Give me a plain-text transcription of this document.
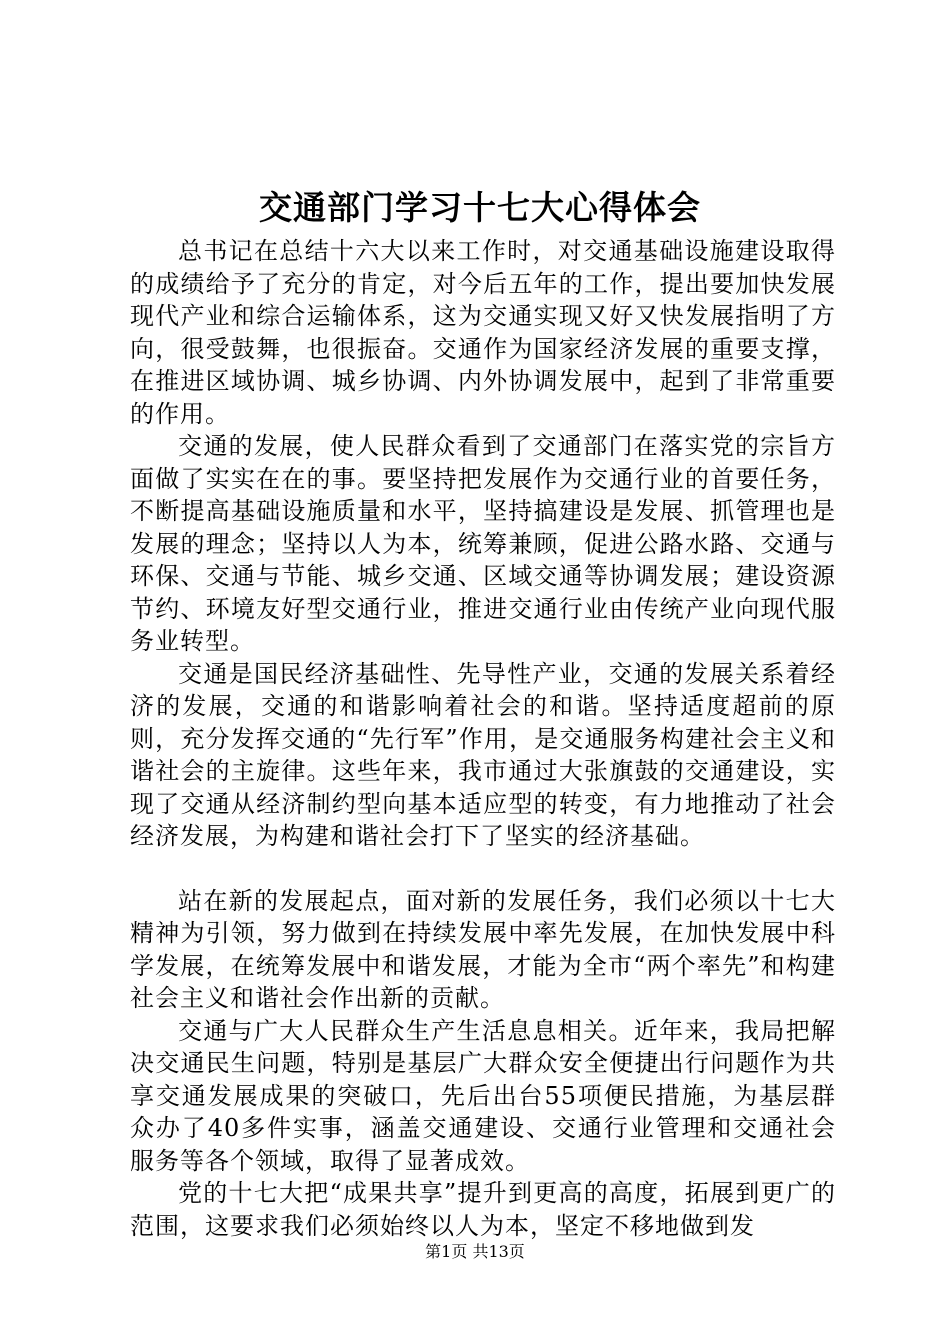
交通部门学习十七大心得体会

总书记在总结十六大以来工作时，对交通基础设施建设取得的成绩给予了充分的肯定，对今后五年的工作，提出要加快发展现代产业和综合运输体系，这为交通实现又好又快发展指明了方向，很受鼓舞，也很振奋。交通作为国家经济发展的重要支撑，在推进区域协调、城乡协调、内外协调发展中，起到了非常重要的作用。

交通的发展，使人民群众看到了交通部门在落实党的宗旨方面做了实实在在的事。要坚持把发展作为交通行业的首要任务，不断提高基础设施质量和水平，坚持搞建设是发展、抓管理也是发展的理念；坚持以人为本，统筹兼顾，促进公路水路、交通与环保、交通与节能、城乡交通、区域交通等协调发展；建设资源节约、环境友好型交通行业，推进交通行业由传统产业向现代服务业转型。

交通是国民经济基础性、先导性产业，交通的发展关系着经济的发展，交通的和谐影响着社会的和谐。坚持适度超前的原则，充分发挥交通的“先行军”作用，是交通服务构建社会主义和谐社会的主旋律。这些年来，我市通过大张旗鼓的交通建设，实现了交通从经济制约型向基本适应型的转变，有力地推动了社会经济发展，为构建和谐社会打下了坚实的经济基础。

站在新的发展起点，面对新的发展任务，我们必须以十七大精神为引领，努力做到在持续发展中率先发展，在加快发展中科学发展，在统筹发展中和谐发展，才能为全市“两个率先”和构建社会主义和谐社会作出新的贡献。

交通与广大人民群众生产生活息息相关。近年来，我局把解决交通民生问题，特别是基层广大群众安全便捷出行问题作为共享交通发展成果的突破口，先后出台55项便民措施，为基层群众办了40多件实事，涵盖交通建设、交通行业管理和交通社会服务等各个领域，取得了显著成效。

党的十七大把“成果共享”提升到更高的高度，拓展到更广的范围，这要求我们必须始终以人为本，坚定不移地做到发

第1页 共13页
